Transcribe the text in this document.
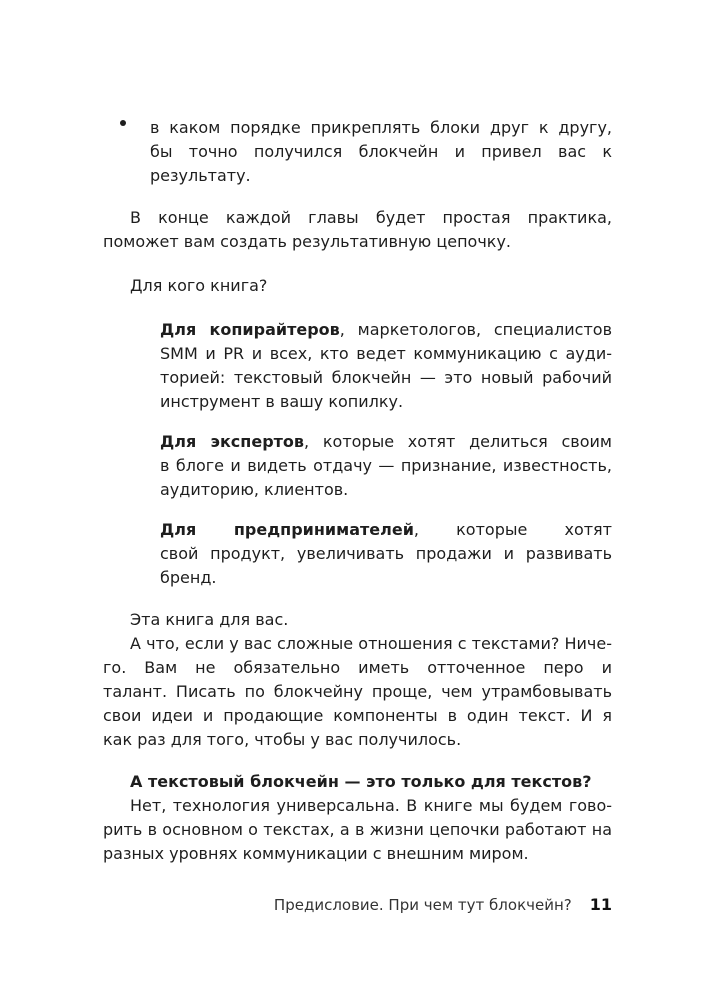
в каком порядке прикреплять блоки друг к другу,
бы точно получился блокчейн и привел вас к
результату.
В конце каждой главы будет простая практика,
поможет вам создать результативную цепочку.
Для кого книга?
Для копирайтеров, маркетологов, специалистов
SMM и PR и всех, кто ведет коммуникацию с ауди-
торией: текстовый блокчейн — это новый рабочий
инструмент в вашу копилку.
Для экспертов, которые хотят делиться своим
в блоге и видеть отдачу — признание, известность,
аудиторию, клиентов.
Для предпринимателей, которые хотят
свой продукт, увеличивать продажи и развивать
бренд.
Эта книга для вас.
А что, если у вас сложные отношения с текстами? Ниче-
го. Вам не обязательно иметь отточенное перо и
талант. Писать по блокчейну проще, чем утрамбовывать
свои идеи и продающие компоненты в один текст. И я
как раз для того, чтобы у вас получилось.
А текстовый блокчейн — это только для текстов?
Нет, технология универсальна. В книге мы будем гово-
рить в основном о текстах, а в жизни цепочки работают на
разных уровнях коммуникации с внешним миром.
Предисловие. При чем тут блокчейн? 11
